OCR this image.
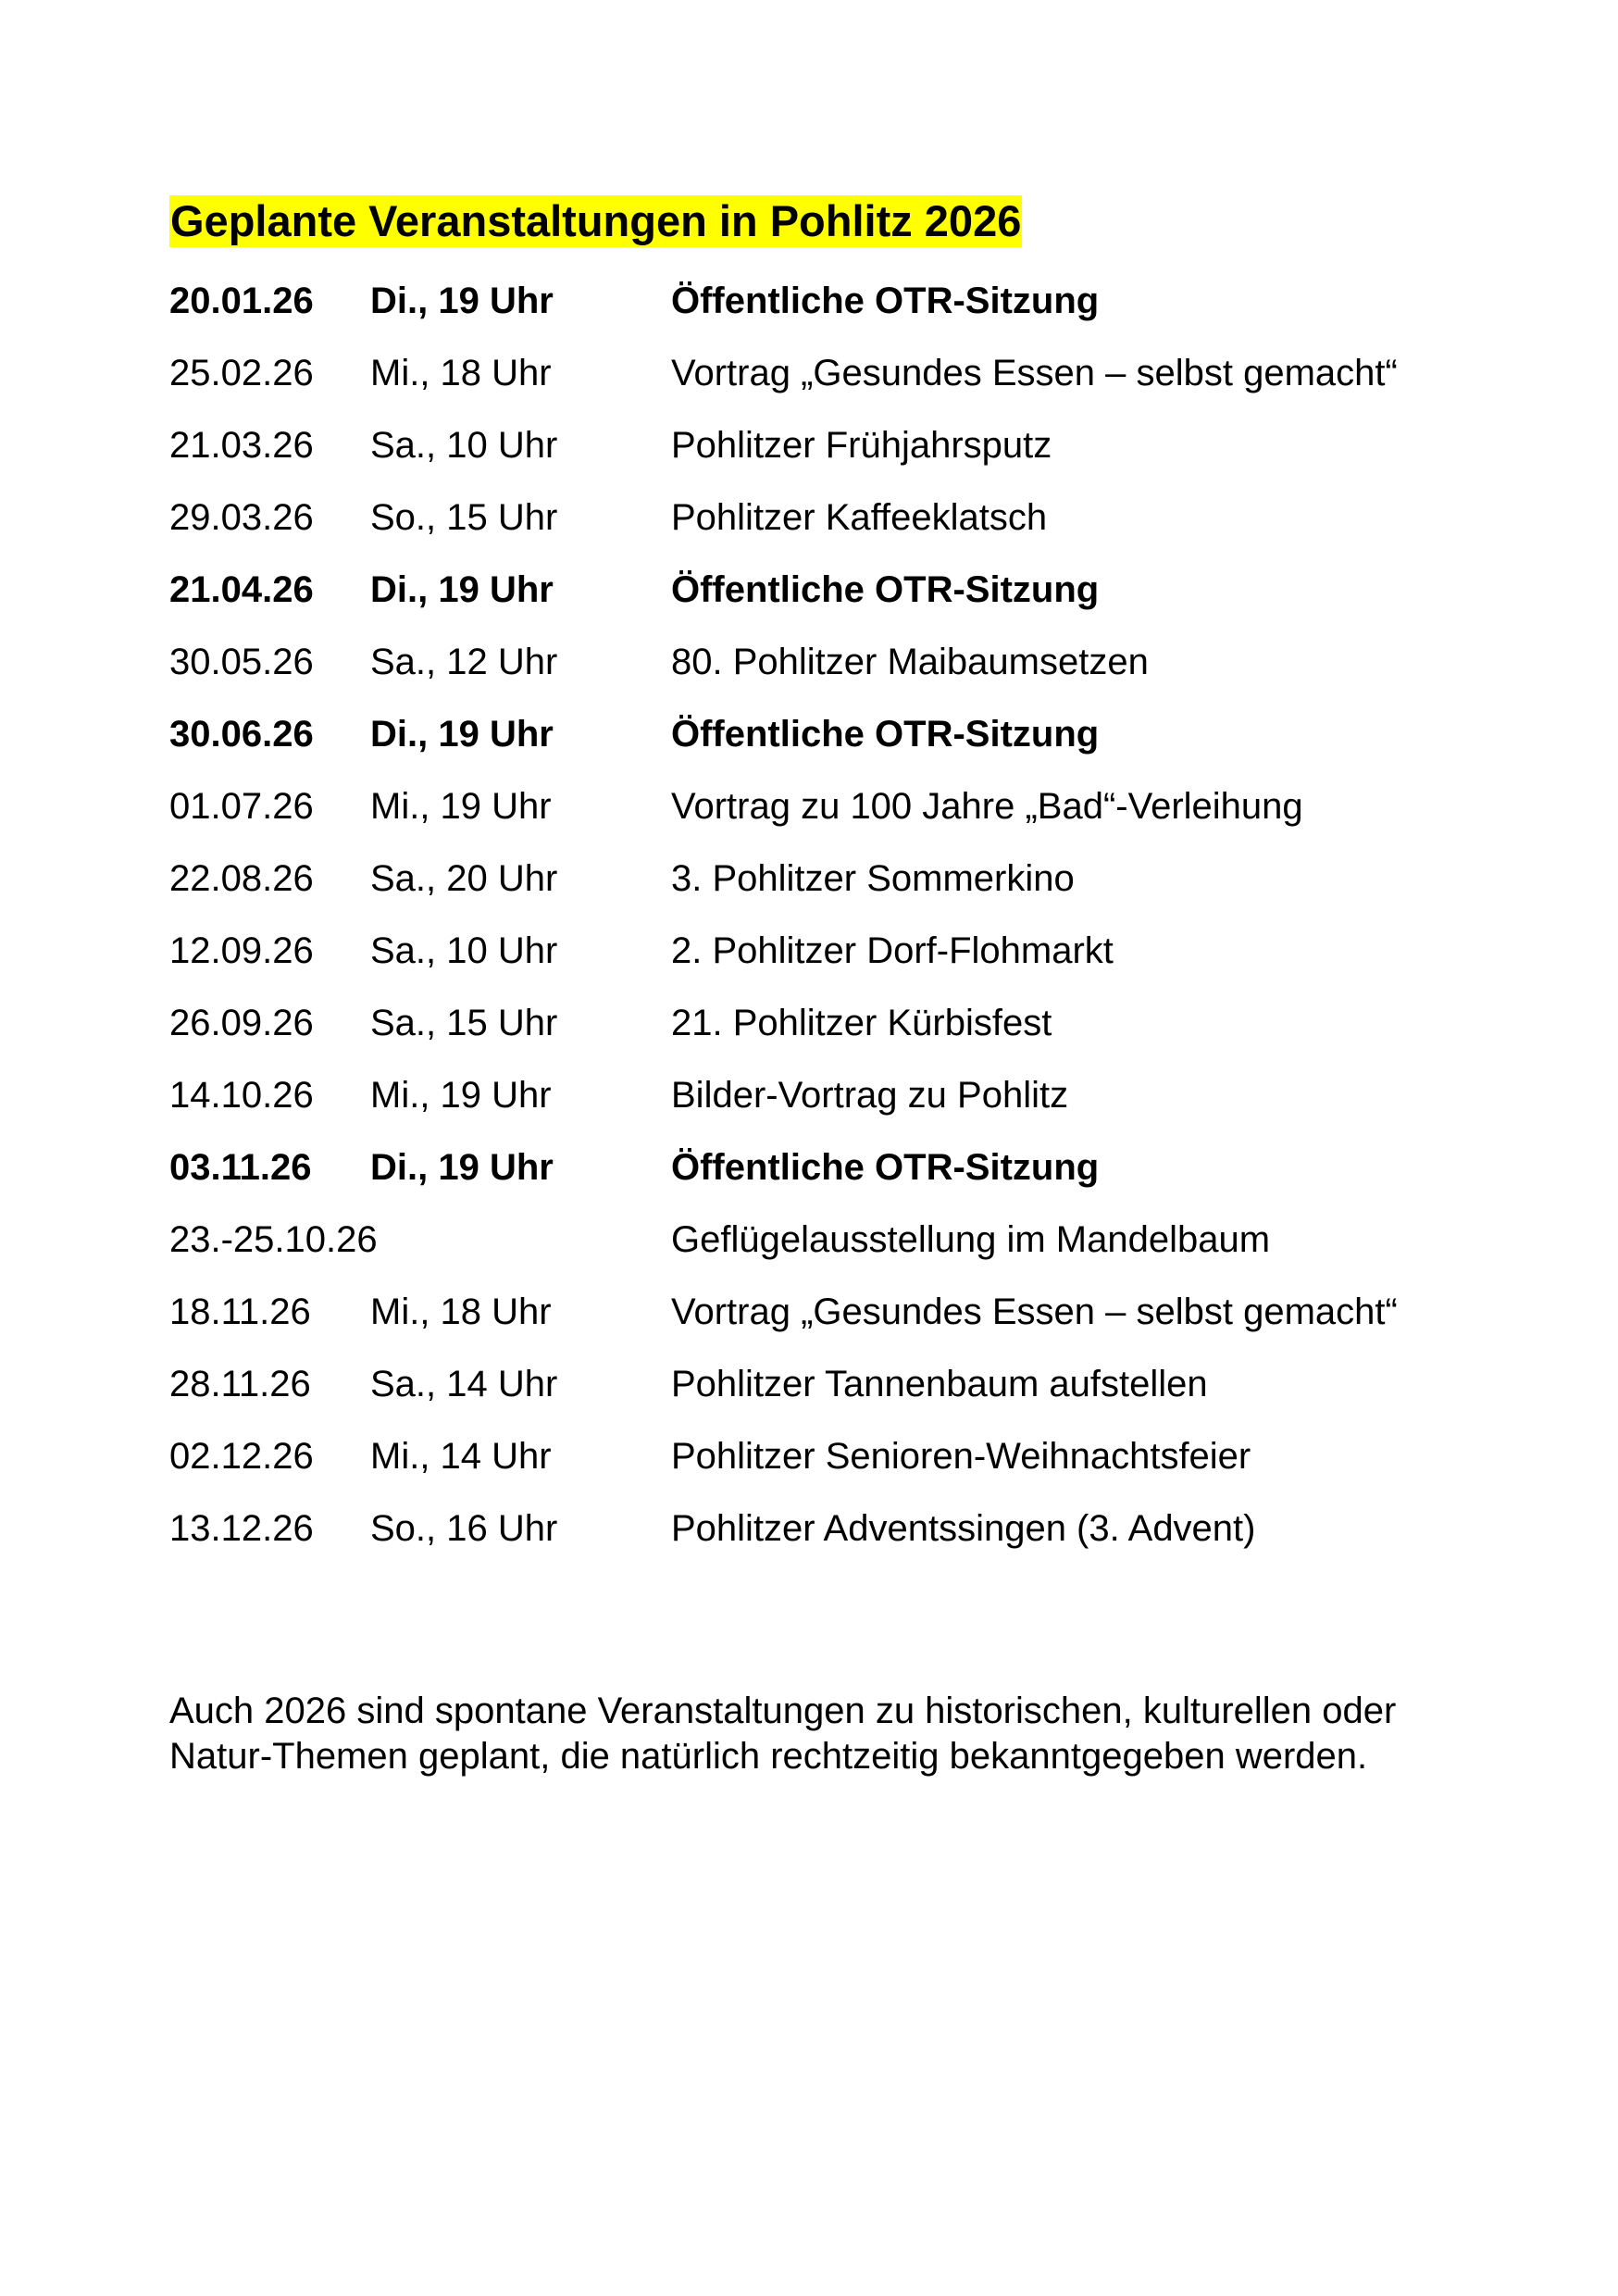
Geplante Veranstaltungen in Pohlitz 2026
20.01.26 Di., 19 Uhr	Öffentliche OTR-Sitzung
25.02.26 Mi., 18 Uhr	Vortrag „Gesundes Essen – selbst gemacht“
21.03.26 Sa., 10 Uhr	Pohlitzer Frühjahrsputz
29.03.26 So., 15 Uhr	Pohlitzer Kaffeeklatsch
21.04.26 Di., 19 Uhr	Öffentliche OTR-Sitzung
30.05.26 Sa., 12 Uhr	80. Pohlitzer Maibaumsetzen
30.06.26 Di., 19 Uhr	Öffentliche OTR-Sitzung
01.07.26 Mi., 19 Uhr	Vortrag zu 100 Jahre „Bad“-Verleihung
22.08.26 Sa., 20 Uhr	3. Pohlitzer Sommerkino
12.09.26 Sa., 10 Uhr	2. Pohlitzer Dorf-Flohmarkt
26.09.26 Sa., 15 Uhr	21. Pohlitzer Kürbisfest
14.10.26 Mi., 19 Uhr	Bilder-Vortrag zu Pohlitz
03.11.26 Di., 19 Uhr	Öffentliche OTR-Sitzung
23.-25.10.26	Geflügelausstellung im Mandelbaum
18.11.26 Mi., 18 Uhr	Vortrag „Gesundes Essen – selbst gemacht“
28.11.26 Sa., 14 Uhr	Pohlitzer Tannenbaum aufstellen
02.12.26 Mi., 14 Uhr	Pohlitzer Senioren-Weihnachtsfeier
13.12.26 So., 16 Uhr	Pohlitzer Adventssingen (3. Advent)

Auch 2026 sind spontane Veranstaltungen zu historischen, kulturellen oder Natur-Themen geplant, die natürlich rechtzeitig bekanntgegeben werden.
